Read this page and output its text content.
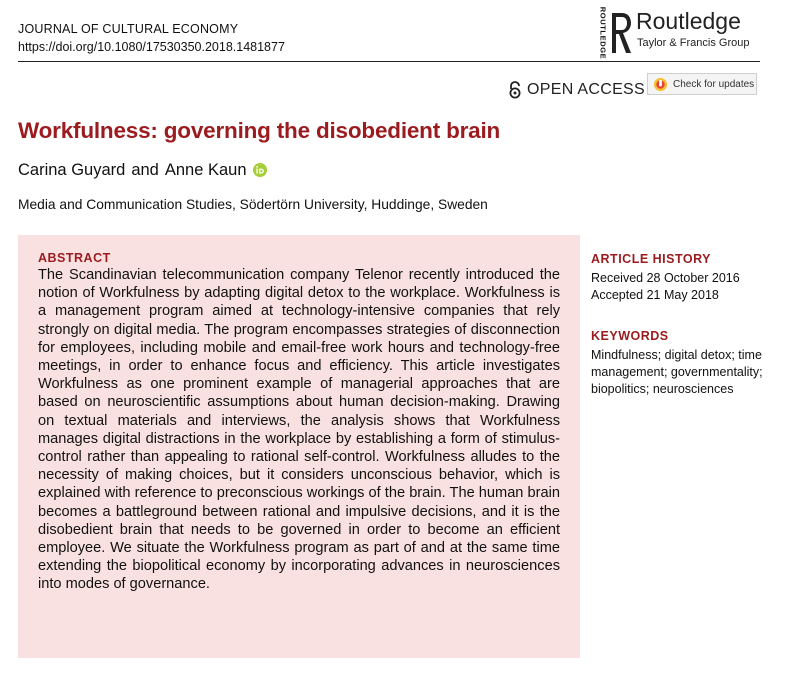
JOURNAL OF CULTURAL ECONOMY
https://doi.org/10.1080/17530350.2018.1481877	ROUTLEDGE Routledge
Taylor & Francis Group
OPEN ACCESS	Check for updates
Workfulness: governing the disobedient brain
Carina Guyard and Anne Kaun
Media and Communication Studies, Södertörn University, Huddinge, Sweden

ABSTRACT

The Scandinavian telecommunication company Telenor recently introduced the notion of Workfulness by adapting digital detox to the workplace. Workfulness is a management program aimed at technology-intensive companies that rely strongly on digital media. The program encompasses strategies of disconnection for employees, including mobile and email-free work hours and technology-free meetings, in order to enhance focus and efficiency. This article investigates Workfulness as one prominent example of managerial approaches that are based on neuroscientific assumptions about human decision-making. Drawing on textual materials and interviews, the analysis shows that Workfulness manages digital distractions in the workplace by establishing a form of stimulus-control rather than appealing to rational self-control. Workfulness alludes to the necessity of making choices, but it considers unconscious behavior, which is explained with reference to preconscious workings of the brain. The human brain becomes a battleground between rational and impulsive decisions, and it is the disobedient brain that needs to be governed in order to become an efficient employee. We situate the Workfulness program as part of and at the same time extending the biopolitical economy by incorporating advances in neurosciences into modes of governance.

ARTICLE HISTORY

Received 28 October 2016

Accepted 21 May 2018

KEYWORDS

Mindfulness; digital detox; time management; governmentality; biopolitics; neurosciences
